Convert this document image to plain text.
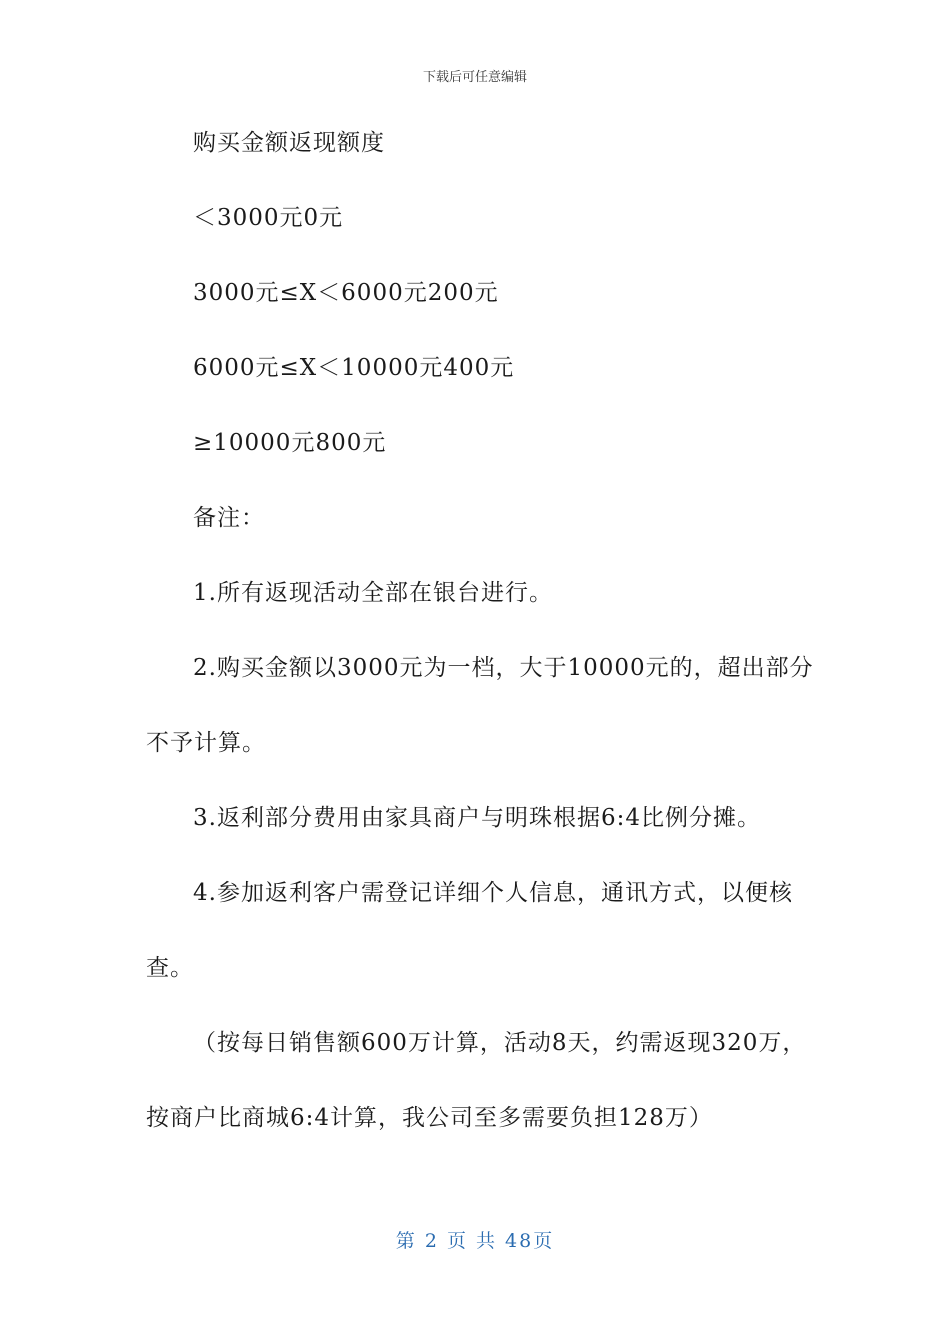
下载后可任意编辑
购买金额返现额度
＜3000元0元
3000元≤X＜6000元200元
6000元≤X＜10000元400元
≥10000元800元
备注：
1.所有返现活动全部在银台进行。
2.购买金额以3000元为一档，大于10000元的，超出部分
不予计算。
3.返利部分费用由家具商户与明珠根据6:4比例分摊。
4.参加返利客户需登记详细个人信息，通讯方式，以便核
查。
（按每日销售额600万计算，活动8天，约需返现320万，
按商户比商城6:4计算，我公司至多需要负担128万）
第 2 页 共 48页
